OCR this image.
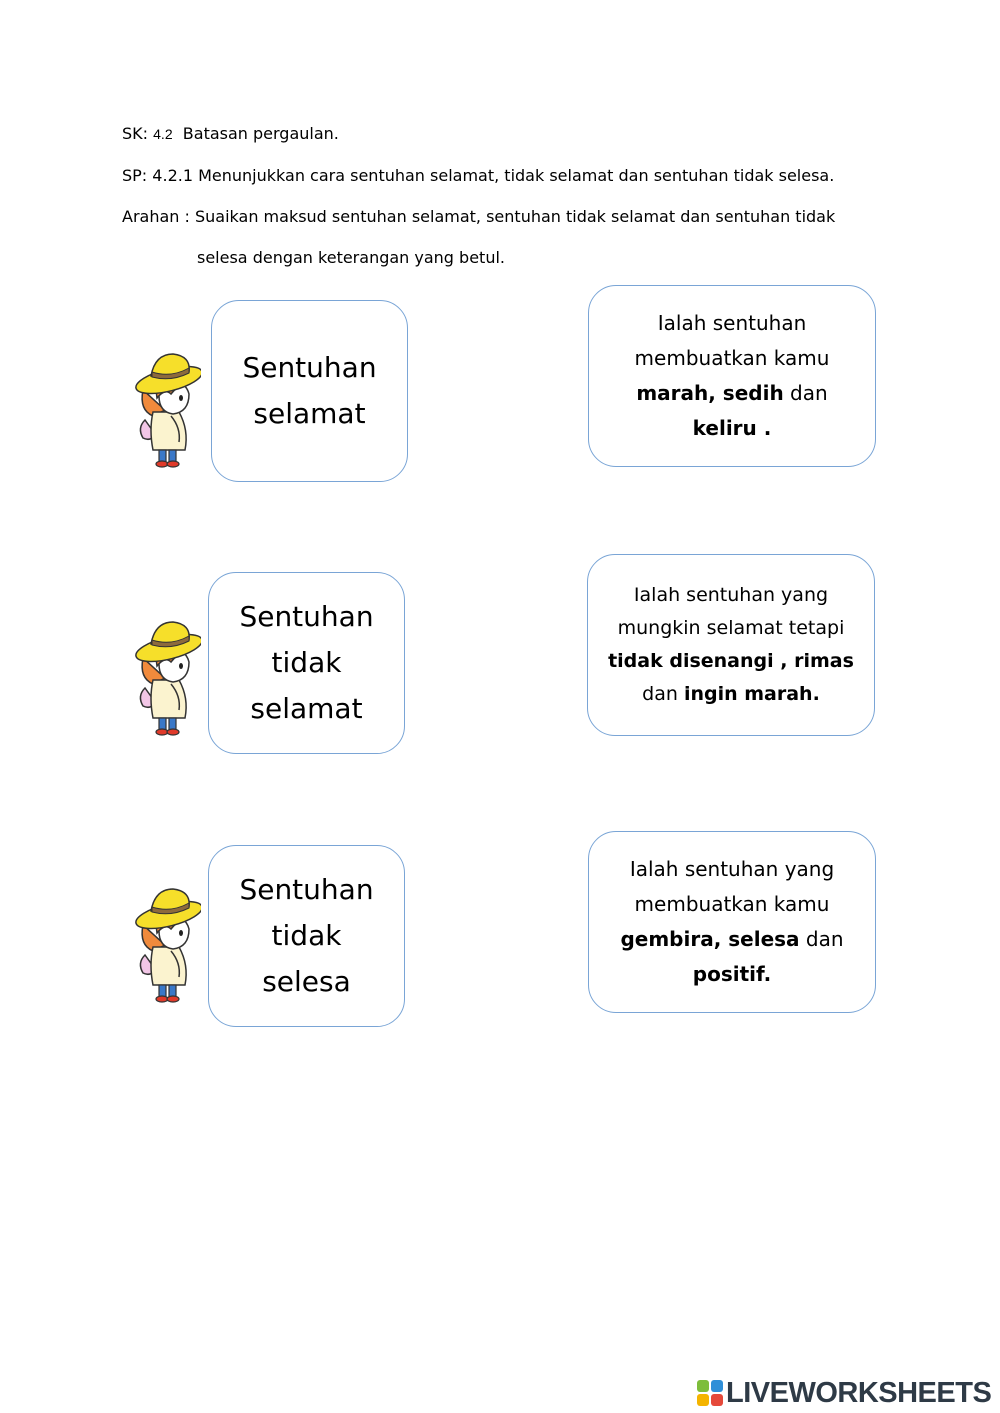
SK: 4.2 Batasan pergaulan.
SP: 4.2.1 Menunjukkan cara sentuhan selamat, tidak selamat dan sentuhan tidak selesa.
Arahan : Suaikan maksud sentuhan selamat, sentuhan tidak selamat dan sentuhan tidak
selesa dengan keterangan yang betul.
Sentuhan
selamat
Ialah sentuhan
membuatkan kamu
marah, sedih dan
keliru .
Sentuhan
tidak
selamat
Ialah sentuhan yang
mungkin selamat tetapi
tidak disenangi , rimas
dan ingin marah.
Sentuhan
tidak
selesa
Ialah sentuhan yang
membuatkan kamu
gembira, selesa dan
positif.
LIVEWORKSHEETS
